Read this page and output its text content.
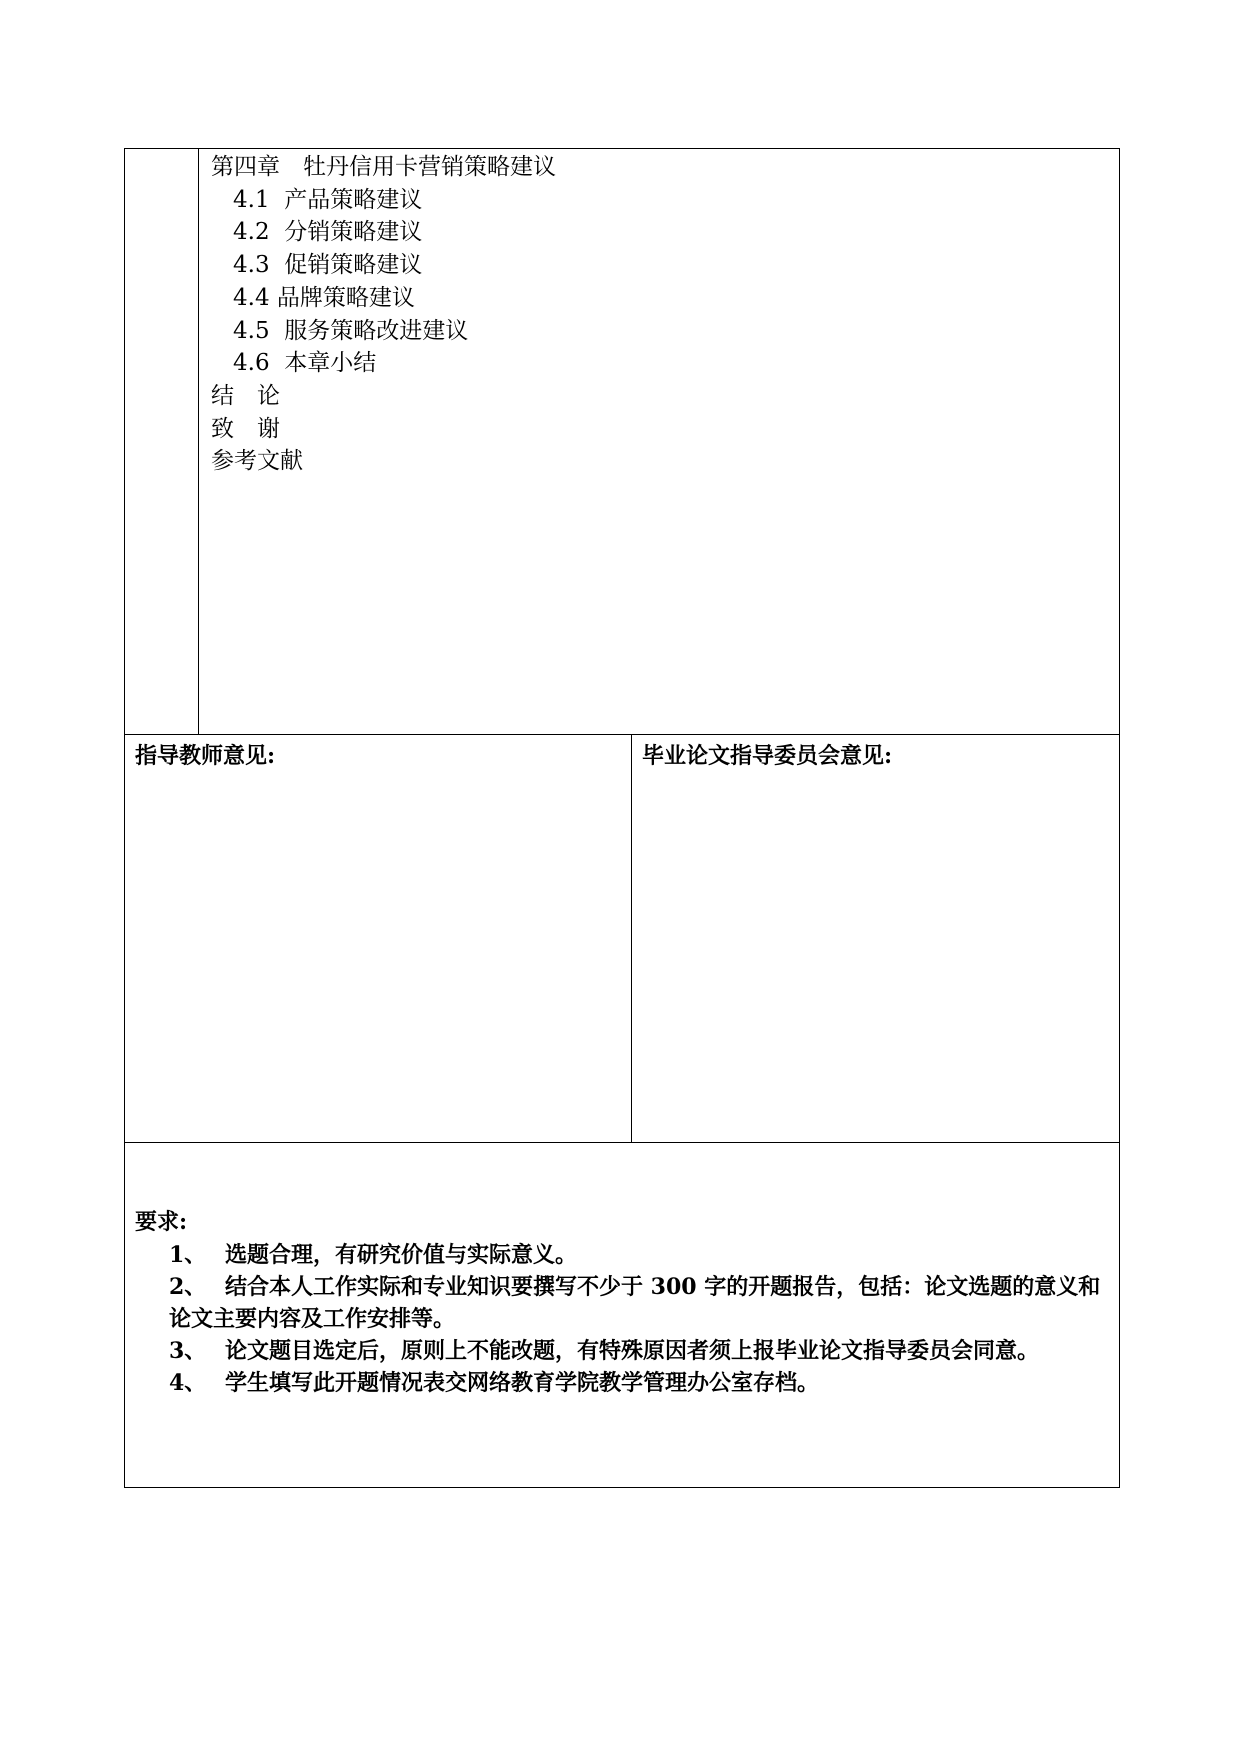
第四章　牡丹信用卡营销策略建议
4.1  产品策略建议
4.2  分销策略建议
4.3  促销策略建议
4.4 品牌策略建议
4.5  服务策略改进建议
4.6  本章小结
结　论
致　谢
参考文献
指导教师意见:	毕业论文指导委员会意见:
要求:
1、 选题合理，有研究价值与实际意义。
2、 结合本人工作实际和专业知识要撰写不少于 300 字的开题报告，包括：论文选题的意义和论文主要内容及工作安排等。
3、 论文题目选定后，原则上不能改题，有特殊原因者须上报毕业论文指导委员会同意。
4、 学生填写此开题情况表交网络教育学院教学管理办公室存档。
